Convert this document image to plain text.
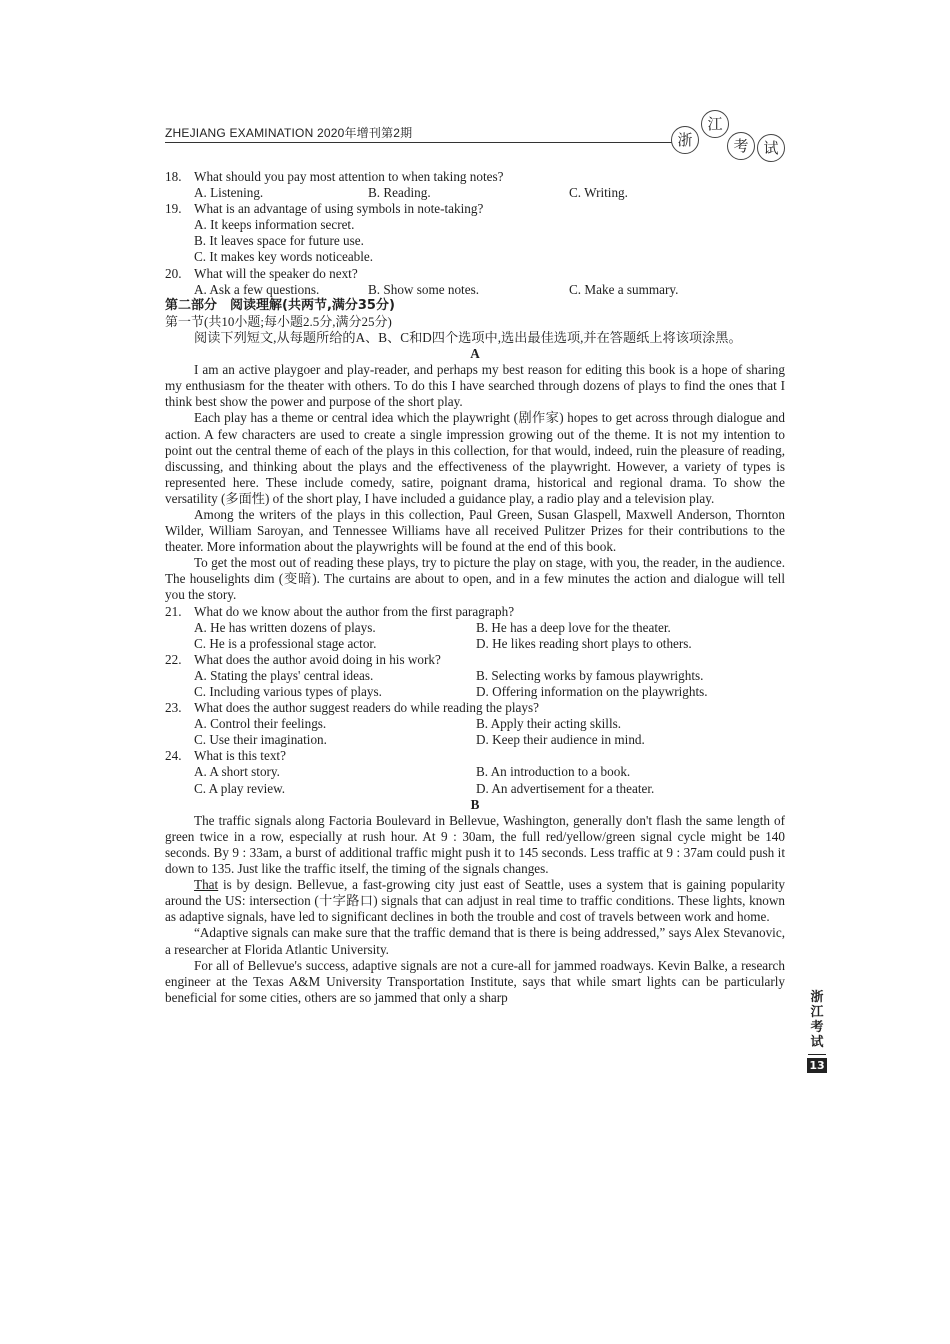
ZHEJIANG EXAMINATION 2020年增刊第2期	浙
江
考 试

18. What should you pay most attention to when taking notes?

A. Listening.	B. Reading.	C. Writing.

19. What is an advantage of using symbols in note-taking?

A. It keeps information secret.

B. It leaves space for future use.

C. It makes key words noticeable.

20. What will the speaker do next?

A. Ask a few questions.	B. Show some notes.	C. Make a summary.

第二部分　阅读理解(共两节,满分35分)

第一节(共10小题;每小题2.5分,满分25分)

阅读下列短文,从每题所给的A、B、C和D四个选项中,选出最佳选项,并在答题纸上将该项涂黑。

A

I am an active playgoer and play-reader, and perhaps my best reason for editing this book is a hope of sharing my enthusiasm for the theater with others. To do this I have searched through dozens of plays to find the ones that I think best show the power and purpose of the short play.

Each play has a theme or central idea which the playwright (剧作家) hopes to get across through dialogue and action. A few characters are used to create a single impression growing out of the theme. It is not my intention to point out the central theme of each of the plays in this collection, for that would, indeed, ruin the pleasure of reading, discussing, and thinking about the plays and the effectiveness of the playwright. However, a variety of types is represented here. These include comedy, satire, poignant drama, historical and regional drama. To show the versatility (多面性) of the short play, I have included a guidance play, a radio play and a television play.

Among the writers of the plays in this collection, Paul Green, Susan Glaspell, Maxwell Anderson, Thornton Wilder, William Saroyan, and Tennessee Williams have all received Pulitzer Prizes for their contributions to the theater. More information about the playwrights will be found at the end of this book.

To get the most out of reading these plays, try to picture the play on stage, with you, the reader, in the audience. The houselights dim (变暗). The curtains are about to open, and in a few minutes the action and dialogue will tell you the story.

21. What do we know about the author from the first paragraph?

A. He has written dozens of plays.	B. He has a deep love for the theater.
C. He is a professional stage actor.	D. He likes reading short plays to others.

22. What does the author avoid doing in his work?

A. Stating the plays' central ideas.	B. Selecting works by famous playwrights.
C. Including various types of plays.	D. Offering information on the playwrights.

23. What does the author suggest readers do while reading the plays?

A. Control their feelings.	B. Apply their acting skills.
C. Use their imagination.	D. Keep their audience in mind.

24. What is this text?

A. A short story.	B. An introduction to a book.
C. A play review.	D. An advertisement for a theater.

B

The traffic signals along Factoria Boulevard in Bellevue, Washington, generally don't flash the same length of green twice in a row, especially at rush hour. At 9 : 30am, the full red/yellow/green signal cycle might be 140 seconds. By 9 : 33am, a burst of additional traffic might push it to 145 seconds. Less traffic at 9 : 37am could push it down to 135. Just like the traffic itself, the timing of the signals changes.

That is by design. Bellevue, a fast-growing city just east of Seattle, uses a system that is gaining popularity around the US: intersection (十字路口) signals that can adjust in real time to traffic conditions. These lights, known as adaptive signals, have led to significant declines in both the trouble and cost of travels between work and home.

“Adaptive signals can make sure that the traffic demand that is there is being addressed,” says Alex Stevanovic, a researcher at Florida Atlantic University.

For all of Bellevue's success, adaptive signals are not a cure-all for jammed roadways. Kevin Balke, a research engineer at the Texas A&M University Transportation Institute, says that while smart lights can be particularly beneficial for some cities, others are so jammed that only a sharp	浙
江
考
试
13
